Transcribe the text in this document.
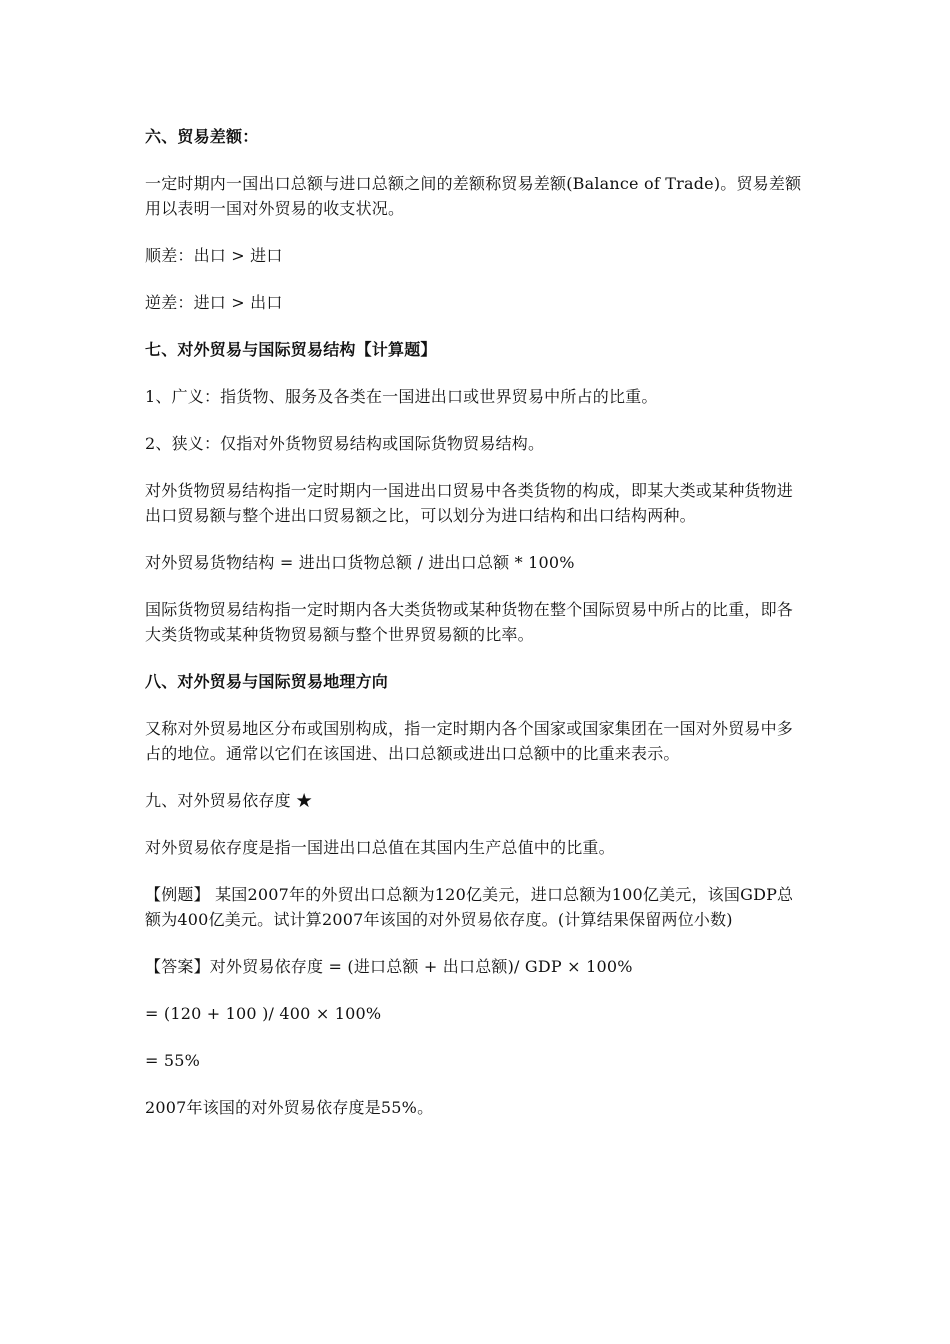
六、贸易差额：

一定时期内一国出口总额与进口总额之间的差额称贸易差额(Balance of Trade)。贸易差额用以表明一国对外贸易的收支状况。

顺差：出口 > 进口

逆差：进口 > 出口

七、对外贸易与国际贸易结构【计算题】

1、广义：指货物、服务及各类在一国进出口或世界贸易中所占的比重。

2、狭义：仅指对外货物贸易结构或国际货物贸易结构。

对外货物贸易结构指一定时期内一国进出口贸易中各类货物的构成，即某大类或某种货物进出口贸易额与整个进出口贸易额之比，可以划分为进口结构和出口结构两种。

对外贸易货物结构 = 进出口货物总额 / 进出口总额 * 100%

国际货物贸易结构指一定时期内各大类货物或某种货物在整个国际贸易中所占的比重，即各大类货物或某种货物贸易额与整个世界贸易额的比率。

八、对外贸易与国际贸易地理方向

又称对外贸易地区分布或国别构成，指一定时期内各个国家或国家集团在一国对外贸易中多占的地位。通常以它们在该国进、出口总额或进出口总额中的比重来表示。

九、对外贸易依存度 ★

对外贸易依存度是指一国进出口总值在其国内生产总值中的比重。

【例题】 某国2007年的外贸出口总额为120亿美元，进口总额为100亿美元，该国GDP总额为400亿美元。试计算2007年该国的对外贸易依存度。(计算结果保留两位小数)

【答案】对外贸易依存度 = (进口总额 + 出口总额)/ GDP × 100%

= (120 + 100 )/ 400 × 100%

= 55%

2007年该国的对外贸易依存度是55%。
